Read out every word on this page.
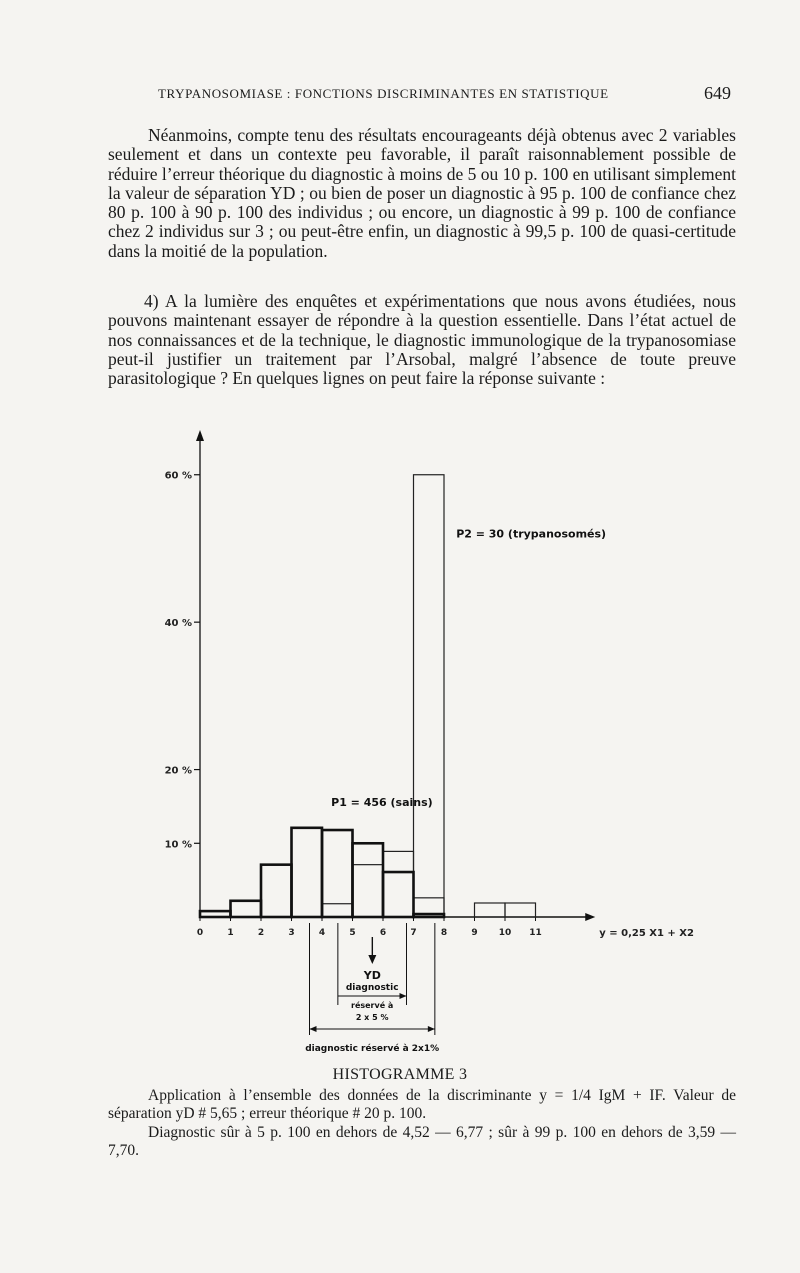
TRYPANOSOMIASE : FONCTIONS DISCRIMINANTES EN STATISTIQUE	649

Néanmoins, compte tenu des résultats encourageants déjà obtenus avec 2 variables seulement et dans un contexte peu favorable, il paraît raisonnablement possible de réduire l’erreur théorique du diagnostic à moins de 5 ou 10 p. 100 en utilisant simplement la valeur de séparation YD ; ou bien de poser un diagnostic à 95 p. 100 de confiance chez 80 p. 100 à 90 p. 100 des individus ; ou encore, un diagnostic à 99 p. 100 de confiance chez 2 individus sur 3 ; ou peut-être enfin, un diagnostic à 99,5 p. 100 de quasi-certitude dans la moitié de la population.

4) A la lumière des enquêtes et expérimentations que nous avons étudiées, nous pouvons maintenant essayer de répondre à la question essentielle. Dans l’état actuel de nos connaissances et de la technique, le diagnostic immunologique de la trypanosomiase peut-il justifier un traitement par l’Arsobal, malgré l’absence de toute preuve parasitologique ? En quelques lignes on peut faire la réponse suivante :

60 %
40 %
20 %
10 %
0	1	2	3	4	5	6	7	8	9 10 11	y = 0,25 X1 + X2
P1 = 456 (sains)
P2 = 30 (trypanosomés)
YD
diagnostic
réservé à
2 x 5 %
diagnostic réservé à 2x1%
HISTOGRAMME 3

Application à l’ensemble des données de la discriminante y = 1/4 IgM + IF. Valeur de séparation yD # 5,65 ; erreur théorique # 20 p. 100.

Diagnostic sûr à 5 p. 100 en dehors de 4,52 — 6,77 ; sûr à 99 p. 100 en dehors de 3,59 — 7,70.
